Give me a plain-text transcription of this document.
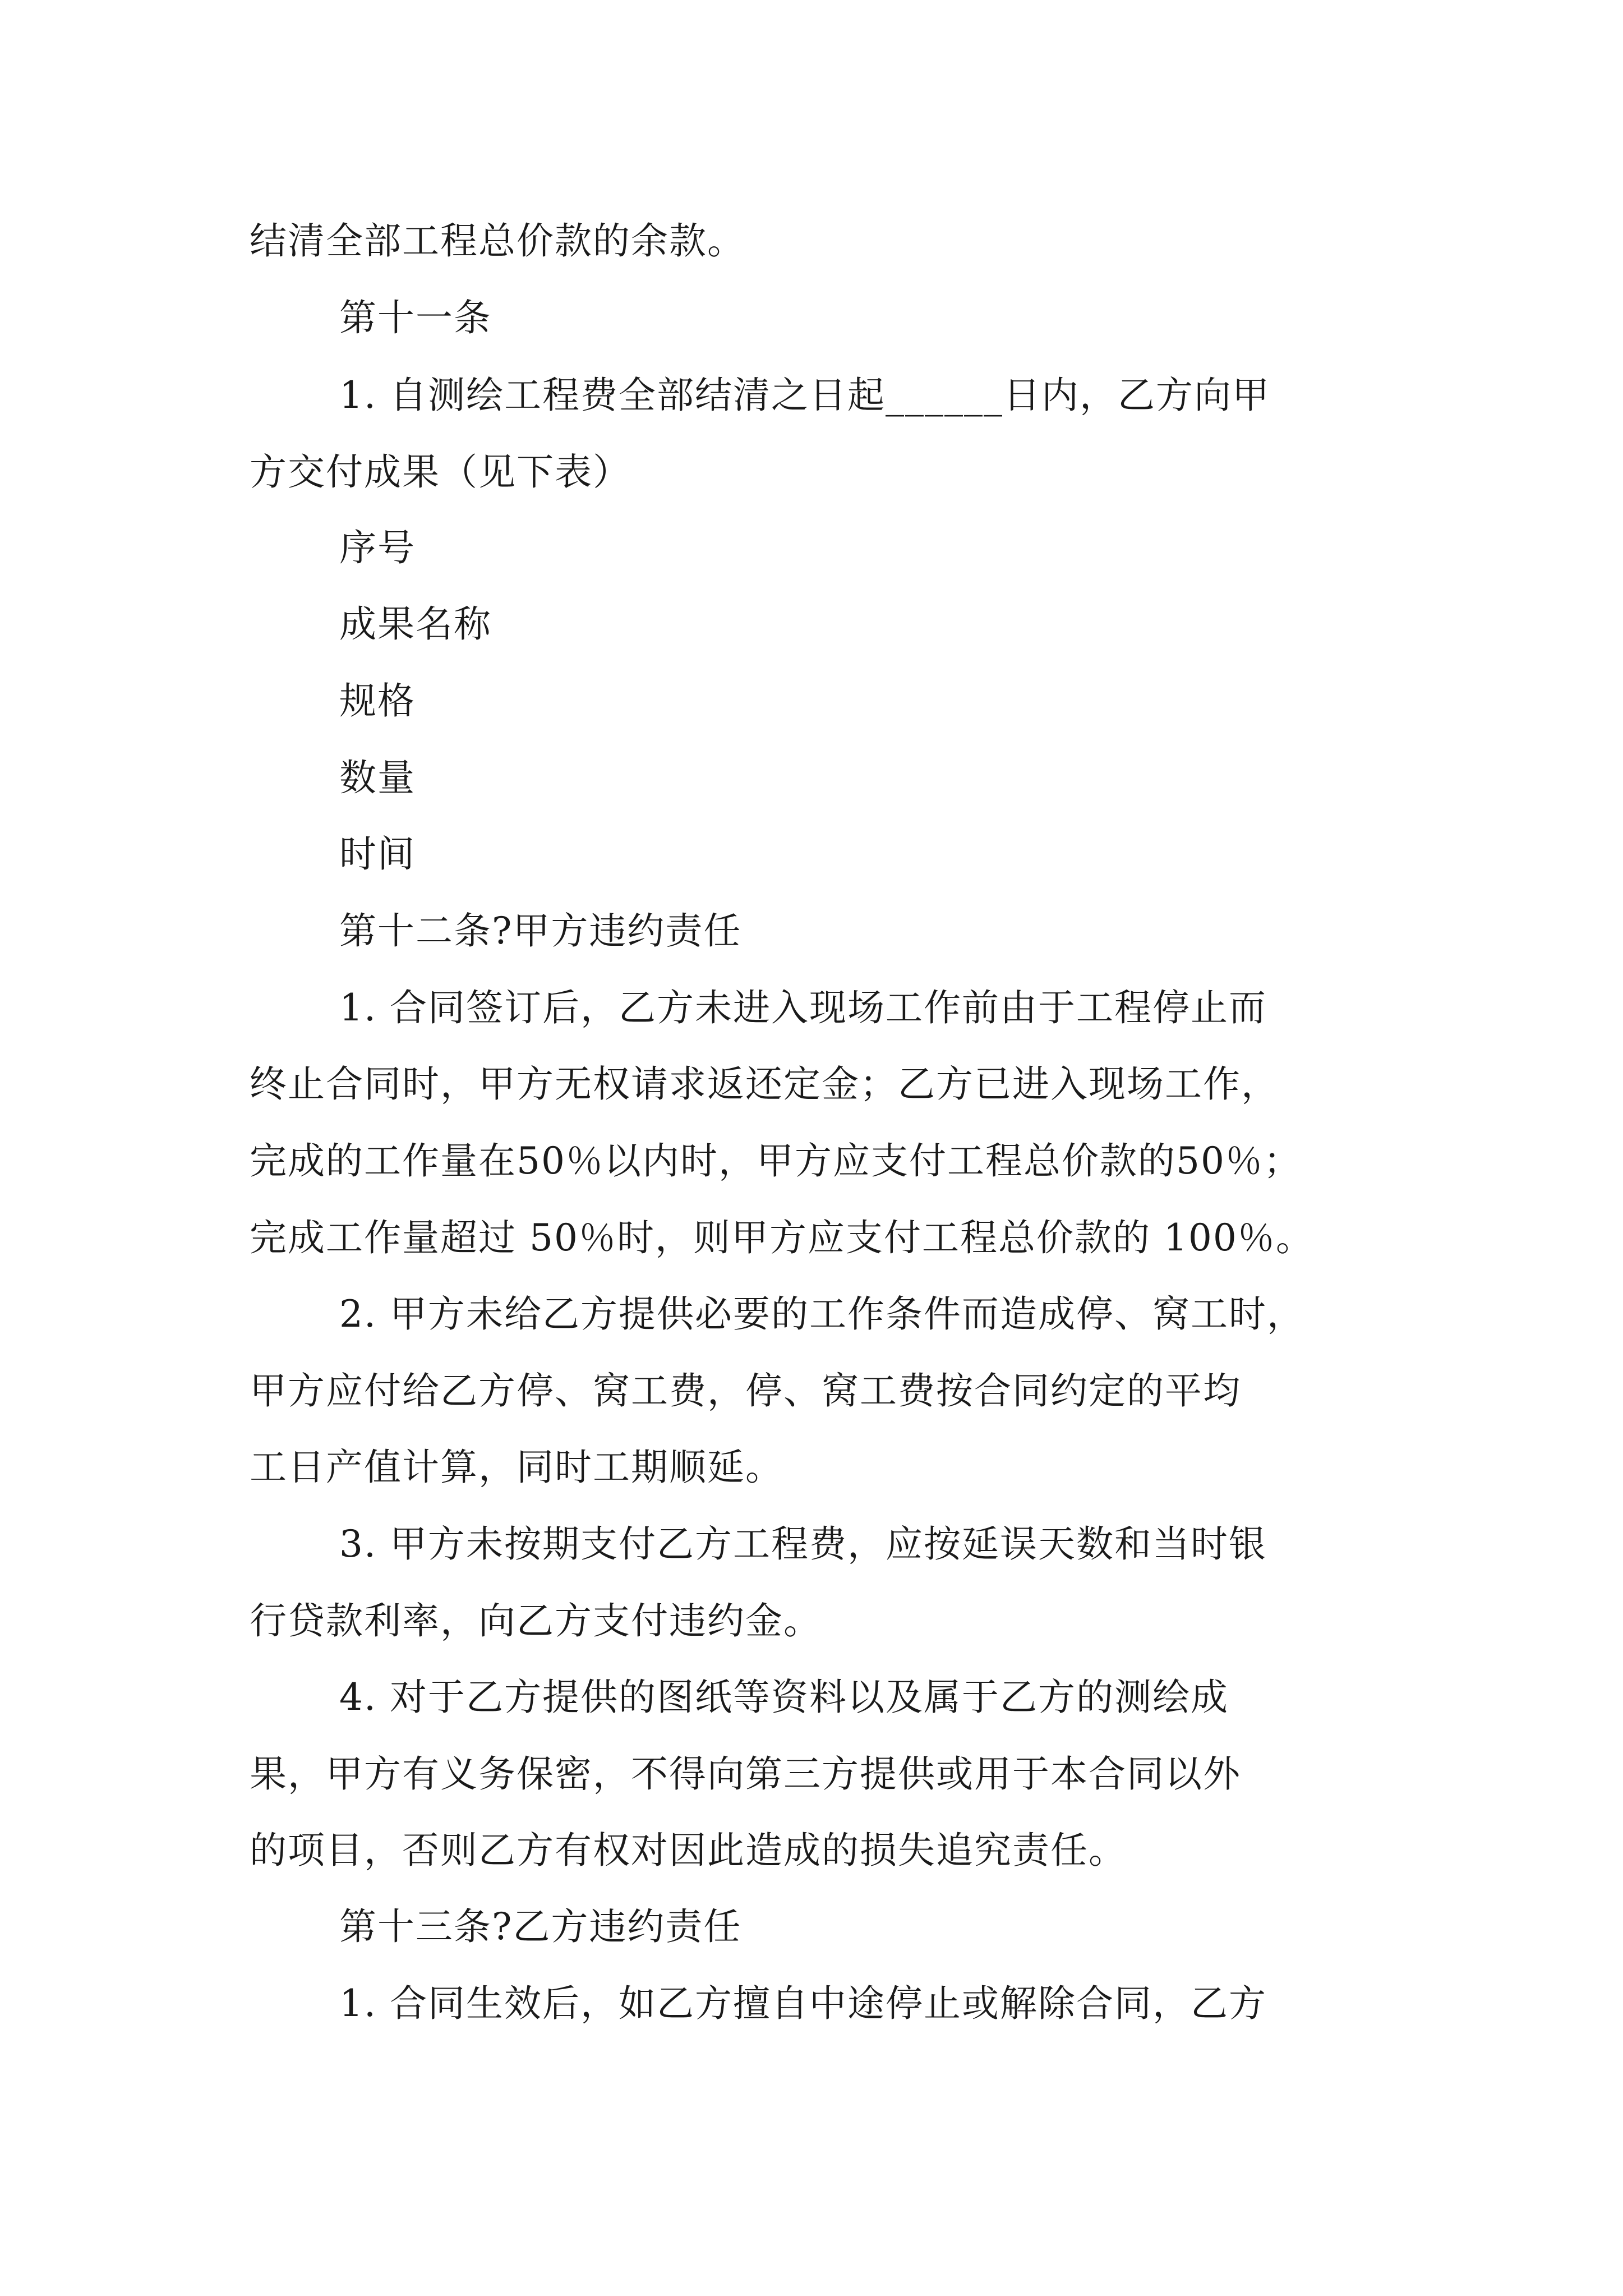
结清全部工程总价款的余款。
第十一条
1. 自测绘工程费全部结清之日起______日内，乙方向甲
方交付成果（见下表）
序号
成果名称
规格
数量
时间
第十二条?甲方违约责任
1. 合同签订后，乙方未进入现场工作前由于工程停止而
终止合同时，甲方无权请求返还定金；乙方已进入现场工作，
完成的工作量在50％以内时，甲方应支付工程总价款的50％；
完成工作量超过 50％时，则甲方应支付工程总价款的 100％。
2. 甲方未给乙方提供必要的工作条件而造成停、窝工时，
甲方应付给乙方停、窝工费，停、窝工费按合同约定的平均
工日产值计算，同时工期顺延。
3. 甲方未按期支付乙方工程费，应按延误天数和当时银
行贷款利率，向乙方支付违约金。
4. 对于乙方提供的图纸等资料以及属于乙方的测绘成
果，甲方有义务保密，不得向第三方提供或用于本合同以外
的项目，否则乙方有权对因此造成的损失追究责任。
第十三条?乙方违约责任
1. 合同生效后，如乙方擅自中途停止或解除合同，乙方
